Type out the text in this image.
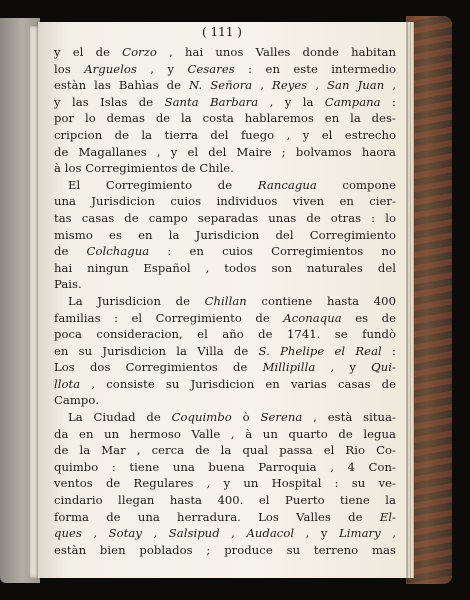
( 111 )
y el de Corzo , hai unos Valles donde habitan
los Arguelos , y Cesares : en este intermedio
estàn las Bahìas de N. Señora , Reyes , San Juan ,
y las Islas de Santa Barbara , y la Campana :
por lo demas de la costa hablaremos en la des-
cripcion de la tierra del fuego , y el estrecho
de Magallanes , y el del Maire ; bolvamos haora
à los Corregimientos de Chile.
El Corregimiento de Rancagua compone
una Jurisdicion cuios individuos viven en cier-
tas casas de campo separadas unas de otras : lo
mismo es en la Jurisdicion del Corregimiento
de Colchagua : en cuios Corregimientos no
hai ningun Español , todos son naturales del
Pais.
La Jurisdicion de Chillan contiene hasta 400
familias : el Corregimiento de Aconaqua es de
poca consideracion, el año de 1741. se fundò
en su Jurisdicion la Villa de S. Phelipe el Real :
Los dos Corregimientos de Millipilla , y Qui-
llota , consiste su Jurisdicion en varias casas de
Campo.
La Ciudad de Coquimbo ò Serena , està situa-
da en un hermoso Valle , à un quarto de legua
de la Mar , cerca de la qual passa el Rio Co-
quimbo : tiene una buena Parroquia , 4 Con-
ventos de Regulares , y un Hospital : su ve-
cindario llegan hasta 400. el Puerto tiene la
forma de una herradura. Los Valles de El-
ques , Sotay , Salsipud , Audacol , y Limary ,
estàn bien poblados ; produce su terreno mas
